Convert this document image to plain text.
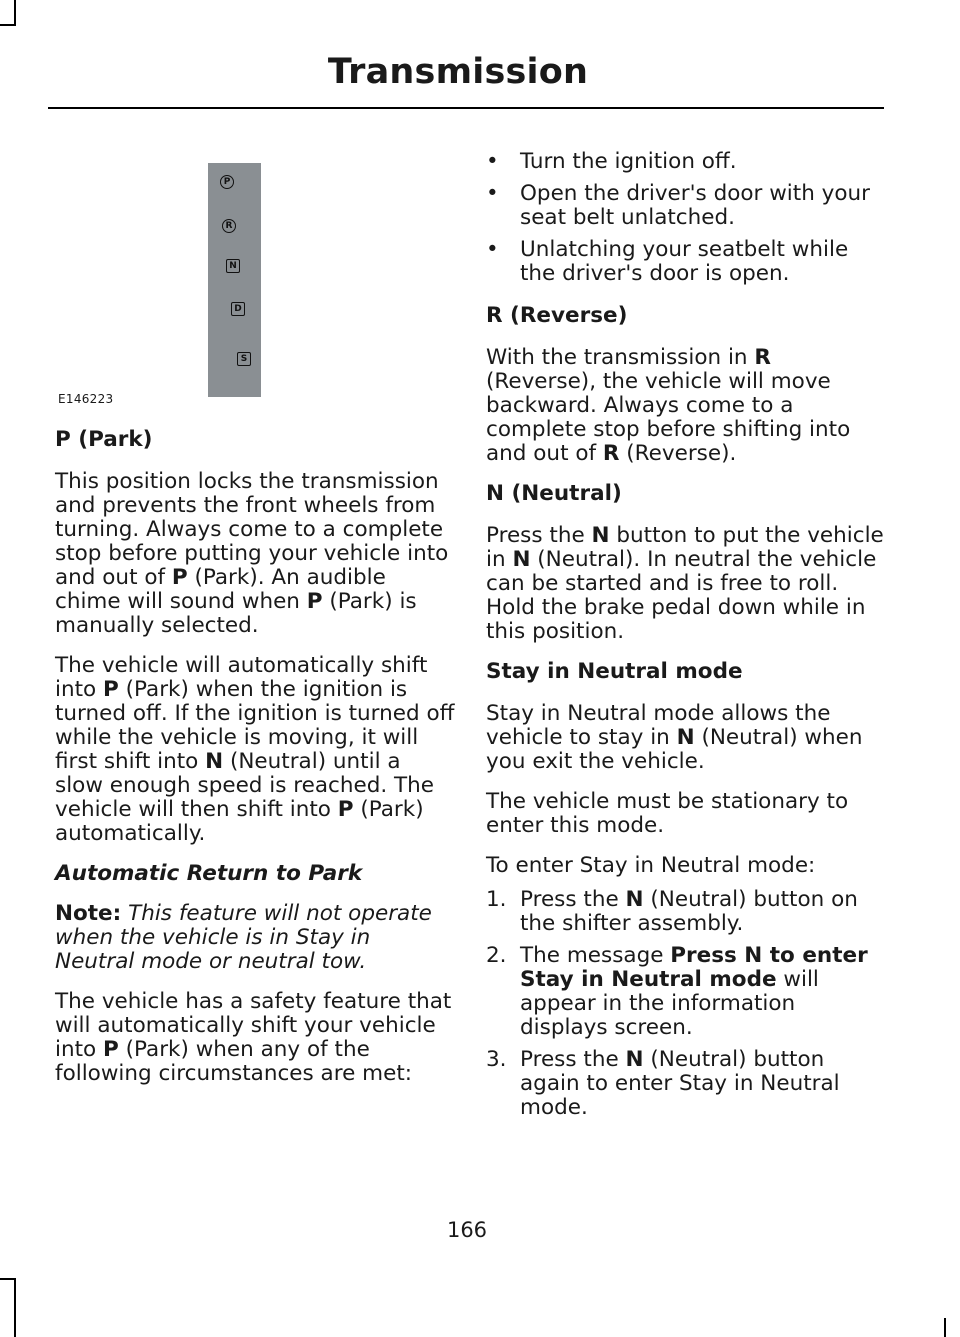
Transmission
P
R
N
D
S
E146223
P (Park)

This position locks the transmission and prevents the front wheels from turning. Always come to a complete stop before putting your vehicle into and out of P (Park). An audible chime will sound when P (Park) is manually selected.

The vehicle will automatically shift into P (Park) when the ignition is turned off. If the ignition is turned off while the vehicle is moving, it will first shift into N (Neutral) until a slow enough speed is reached. The vehicle will then shift into P (Park) automatically.

Automatic Return to Park

Note: This feature will not operate when the vehicle is in Stay in Neutral mode or neutral tow.

The vehicle has a safety feature that will automatically shift your vehicle into P (Park) when any of the following circumstances are met:

• Turn the ignition off.
• Open the driver's door with your seat belt unlatched.
• Unlatching your seatbelt while the driver's door is open.
R (Reverse)

With the transmission in R (Reverse), the vehicle will move backward. Always come to a complete stop before shifting into and out of R (Reverse).

N (Neutral)

Press the N button to put the vehicle in N (Neutral). In neutral the vehicle can be started and is free to roll. Hold the brake pedal down while in this position.

Stay in Neutral mode

Stay in Neutral mode allows the vehicle to stay in N (Neutral) when you exit the vehicle.

The vehicle must be stationary to enter this mode.

To enter Stay in Neutral mode:

1. Press the N (Neutral) button on the shifter assembly.
2. The message Press N to enter Stay in Neutral mode will appear in the information displays screen.
3. Press the N (Neutral) button again to enter Stay in Neutral mode.
166
